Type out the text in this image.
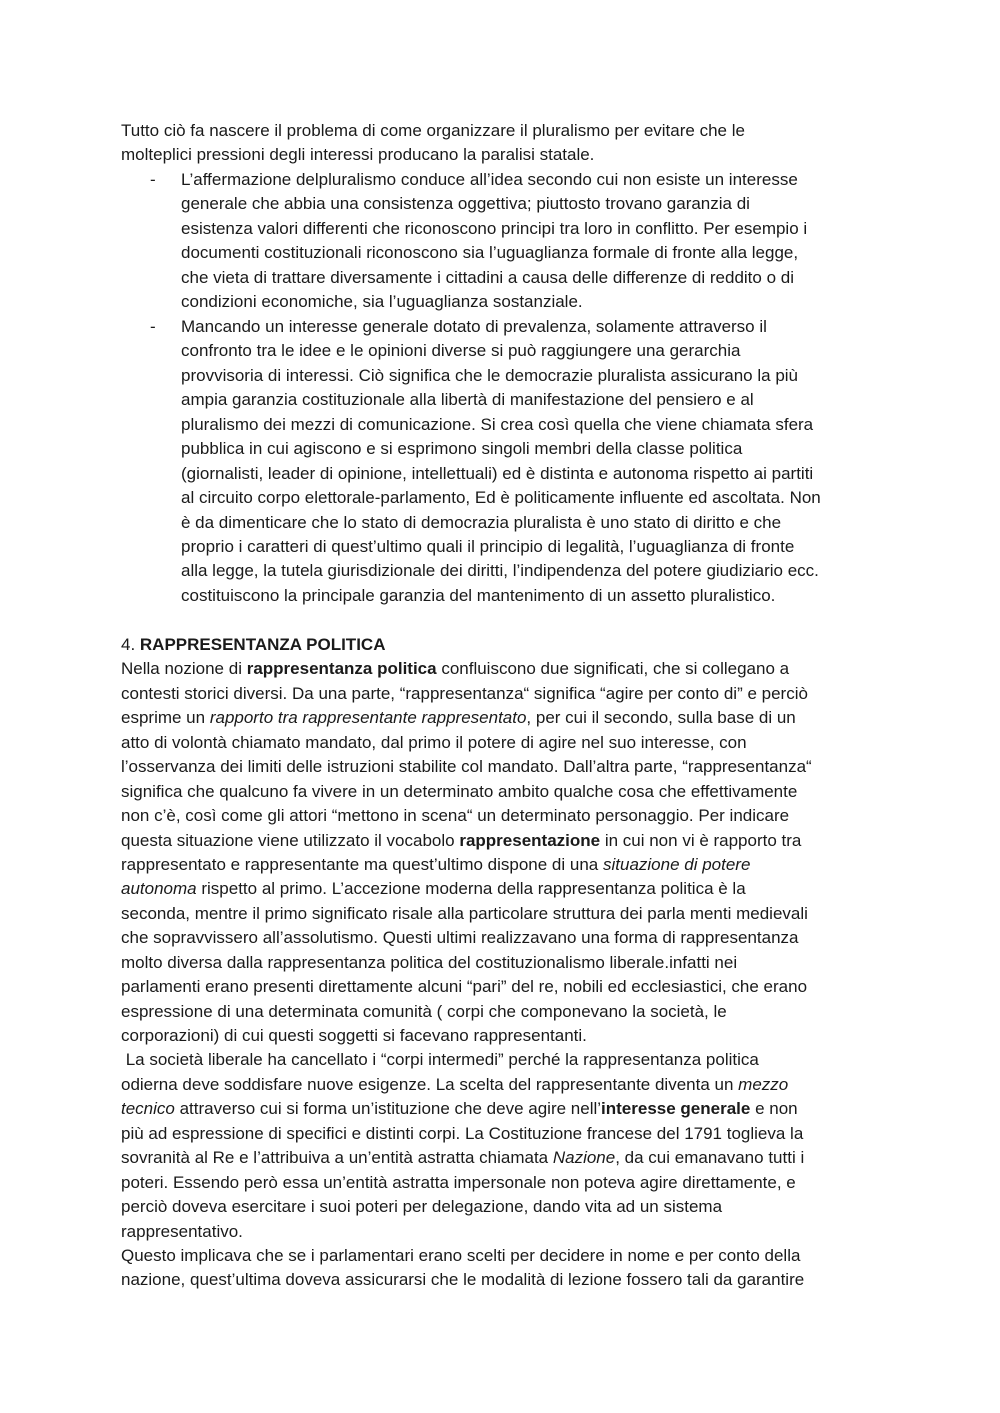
Tutto ciò fa nascere il problema di come organizzare il pluralismo per evitare che le
molteplici pressioni degli interessi producano la paralisi statale.
- L’affermazione delpluralismo conduce all’idea secondo cui non esiste un interesse
generale che abbia una consistenza oggettiva; piuttosto trovano garanzia di
esistenza valori differenti che riconoscono principi tra loro in conflitto. Per esempio i
documenti costituzionali riconoscono sia l’uguaglianza formale di fronte alla legge,
che vieta di trattare diversamente i cittadini a causa delle differenze di reddito o di
condizioni economiche, sia l’uguaglianza sostanziale.
- Mancando un interesse generale dotato di prevalenza, solamente attraverso il
confronto tra le idee e le opinioni diverse si può raggiungere una gerarchia
provvisoria di interessi. Ciò significa che le democrazie pluralista assicurano la più
ampia garanzia costituzionale alla libertà di manifestazione del pensiero e al
pluralismo dei mezzi di comunicazione. Si crea così quella che viene chiamata sfera
pubblica in cui agiscono e si esprimono singoli membri della classe politica
(giornalisti, leader di opinione, intellettuali) ed è distinta e autonoma rispetto ai partiti
al circuito corpo elettorale-parlamento, Ed è politicamente influente ed ascoltata. Non
è da dimenticare che lo stato di democrazia pluralista è uno stato di diritto e che
proprio i caratteri di quest’ultimo quali il principio di legalità, l’uguaglianza di fronte
alla legge, la tutela giurisdizionale dei diritti, l’indipendenza del potere giudiziario ecc.
costituiscono la principale garanzia del mantenimento di un assetto pluralistico.
4. RAPPRESENTANZA POLITICA
Nella nozione di rappresentanza politica confluiscono due significati, che si collegano a
contesti storici diversi. Da una parte, “rappresentanza“ significa “agire per conto di” e perciò
esprime un rapporto tra rappresentante rappresentato, per cui il secondo, sulla base di un
atto di volontà chiamato mandato, dal primo il potere di agire nel suo interesse, con
l’osservanza dei limiti delle istruzioni stabilite col mandato. Dall’altra parte, “rappresentanza“
significa che qualcuno fa vivere in un determinato ambito qualche cosa che effettivamente
non c’è, così come gli attori “mettono in scena“ un determinato personaggio. Per indicare
questa situazione viene utilizzato il vocabolo rappresentazione in cui non vi è rapporto tra
rappresentato e rappresentante ma quest’ultimo dispone di una situazione di potere
autonoma rispetto al primo. L’accezione moderna della rappresentanza politica è la
seconda, mentre il primo significato risale alla particolare struttura dei parla menti medievali
che sopravvissero all’assolutismo. Questi ultimi realizzavano una forma di rappresentanza
molto diversa dalla rappresentanza politica del costituzionalismo liberale.infatti nei
parlamenti erano presenti direttamente alcuni “pari” del re, nobili ed ecclesiastici, che erano
espressione di una determinata comunità ( corpi che componevano la società, le
corporazioni) di cui questi soggetti si facevano rappresentanti.
La società liberale ha cancellato i “corpi intermedi” perché la rappresentanza politica
odierna deve soddisfare nuove esigenze. La scelta del rappresentante diventa un mezzo
tecnico attraverso cui si forma un’istituzione che deve agire nell’interesse generale e non
più ad espressione di specifici e distinti corpi. La Costituzione francese del 1791 toglieva la
sovranità al Re e l’attribuiva a un’entità astratta chiamata Nazione, da cui emanavano tutti i
poteri. Essendo però essa un’entità astratta impersonale non poteva agire direttamente, e
perciò doveva esercitare i suoi poteri per delegazione, dando vita ad un sistema
rappresentativo.
Questo implicava che se i parlamentari erano scelti per decidere in nome e per conto della
nazione, quest’ultima doveva assicurarsi che le modalità di lezione fossero tali da garantire
